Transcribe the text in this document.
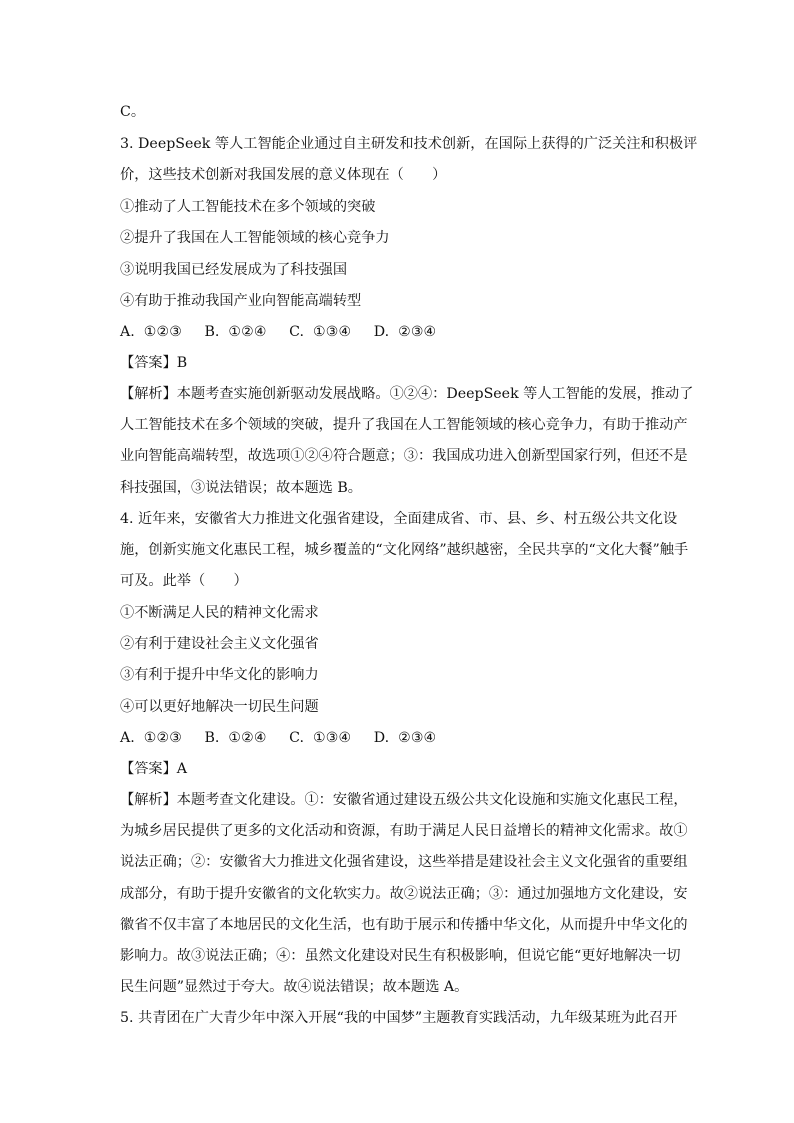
C。
3. DeepSeek 等人工智能企业通过自主研发和技术创新，在国际上获得的广泛关注和积极评
价，这些技术创新对我国发展的意义体现在（　　）
①推动了人工智能技术在多个领域的突破
②提升了我国在人工智能领域的核心竞争力
③说明我国已经发展成为了科技强国
④有助于推动我国产业向智能高端转型
A.  ①②③     B.  ①②④     C.  ①③④     D.  ②③④
【答案】B
【解析】本题考查实施创新驱动发展战略。①②④：DeepSeek 等人工智能的发展，推动了
人工智能技术在多个领域的突破，提升了我国在人工智能领域的核心竞争力，有助于推动产
业向智能高端转型，故选项①②④符合题意；③：我国成功进入创新型国家行列，但还不是
科技强国，③说法错误；故本题选 B。
4. 近年来，安徽省大力推进文化强省建设，全面建成省、市、县、乡、村五级公共文化设
施，创新实施文化惠民工程，城乡覆盖的“文化网络”越织越密，全民共享的“文化大餐”触手
可及。此举（　　）
①不断满足人民的精神文化需求
②有利于建设社会主义文化强省
③有利于提升中华文化的影响力
④可以更好地解决一切民生问题
A.  ①②③     B.  ①②④     C.  ①③④     D.  ②③④
【答案】A
【解析】本题考查文化建设。①：安徽省通过建设五级公共文化设施和实施文化惠民工程，
为城乡居民提供了更多的文化活动和资源，有助于满足人民日益增长的精神文化需求。故①
说法正确；②：安徽省大力推进文化强省建设，这些举措是建设社会主义文化强省的重要组
成部分，有助于提升安徽省的文化软实力。故②说法正确；③：通过加强地方文化建设，安
徽省不仅丰富了本地居民的文化生活，也有助于展示和传播中华文化，从而提升中华文化的
影响力。故③说法正确；④：虽然文化建设对民生有积极影响，但说它能“更好地解决一切
民生问题”显然过于夸大。故④说法错误；故本题选 A。
5. 共青团在广大青少年中深入开展“我的中国梦”主题教育实践活动，九年级某班为此召开
